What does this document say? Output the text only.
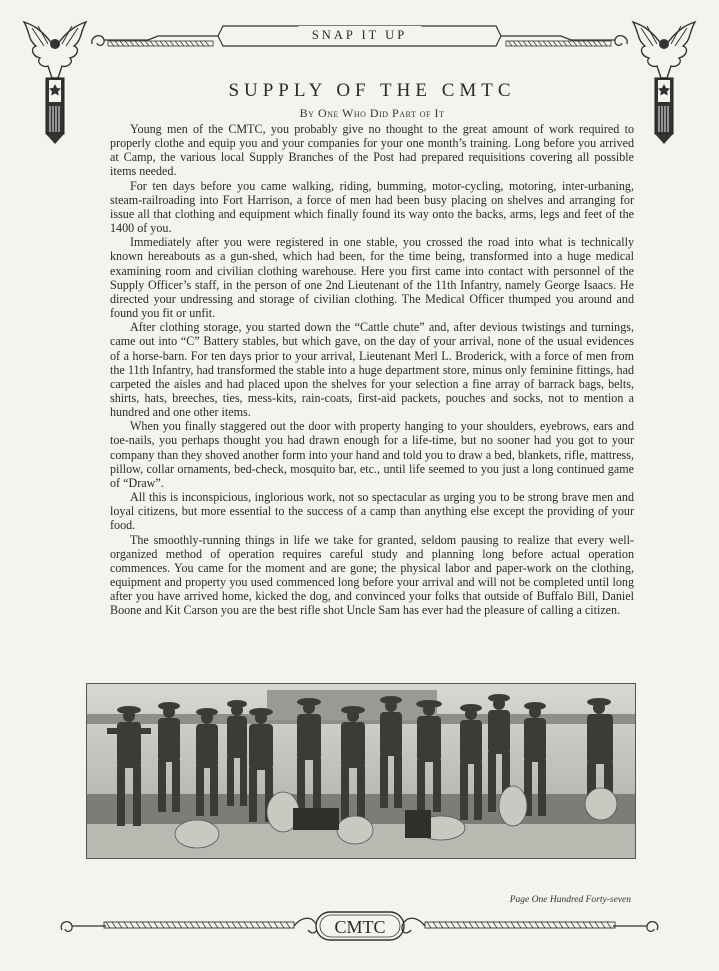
SNAP IT UP
SUPPLY OF THE CMTC

By One Who Did Part of It

Young men of the CMTC, you probably give no thought to the great amount of work required to properly clothe and equip you and your companies for your one month’s training. Long before you arrived at Camp, the various local Supply Branches of the Post had prepared requisitions covering all possible items needed.

For ten days before you came walking, riding, bumming, motor-cycling, motoring, inter-urbaning, steam-railroading into Fort Harrison, a force of men had been busy placing on shelves and arranging for issue all that clothing and equipment which finally found its way onto the backs, arms, legs and feet of the 1400 of you.

Immediately after you were registered in one stable, you crossed the road into what is technically known hereabouts as a gun-shed, which had been, for the time being, transformed into a huge medical examining room and civilian clothing warehouse. Here you first came into contact with personnel of the Supply Officer’s staff, in the person of one 2nd Lieutenant of the 11th Infantry, namely George Isaacs. He directed your undressing and storage of civilian clothing. The Medical Officer thumped you around and found you fit or unfit.

After clothing storage, you started down the “Cattle chute” and, after devious twistings and turnings, came out into “C” Battery stables, but which gave, on the day of your arrival, none of the usual evidences of a horse-barn. For ten days prior to your arrival, Lieutenant Merl L. Broderick, with a force of men from the 11th Infantry, had transformed the stable into a huge department store, minus only feminine fittings, had carpeted the aisles and had placed upon the shelves for your selection a fine array of barrack bags, belts, shirts, hats, breeches, ties, mess-kits, rain-coats, first-aid packets, pouches and socks, not to mention a hundred and one other items.

When you finally staggered out the door with property hanging to your shoulders, eyebrows, ears and toe-nails, you perhaps thought you had drawn enough for a life-time, but no sooner had you got to your company than they shoved another form into your hand and told you to draw a bed, blankets, rifle, mattress, pillow, collar ornaments, bed-check, mosquito bar, etc., until life seemed to you just a long continued game of “Draw”.

All this is inconspicious, inglorious work, not so spectacular as urging you to be strong brave men and loyal citizens, but more essential to the success of a camp than anything else except the providing of your food.

The smoothly-running things in life we take for granted, seldom pausing to realize that every well-organized method of operation requires careful study and planning long before actual operation commences. You came for the moment and are gone; the physical labor and paper-work on the clothing, equipment and property you used commenced long before your arrival and will not be completed until long after you have arrived home, kicked the dog, and convinced your folks that outside of Buffalo Bill, Daniel Boone and Kit Carson you are the best rifle shot Uncle Sam has ever had the pleasure of calling a citizen.

Page One Hundred Forty-seven
CMTC
